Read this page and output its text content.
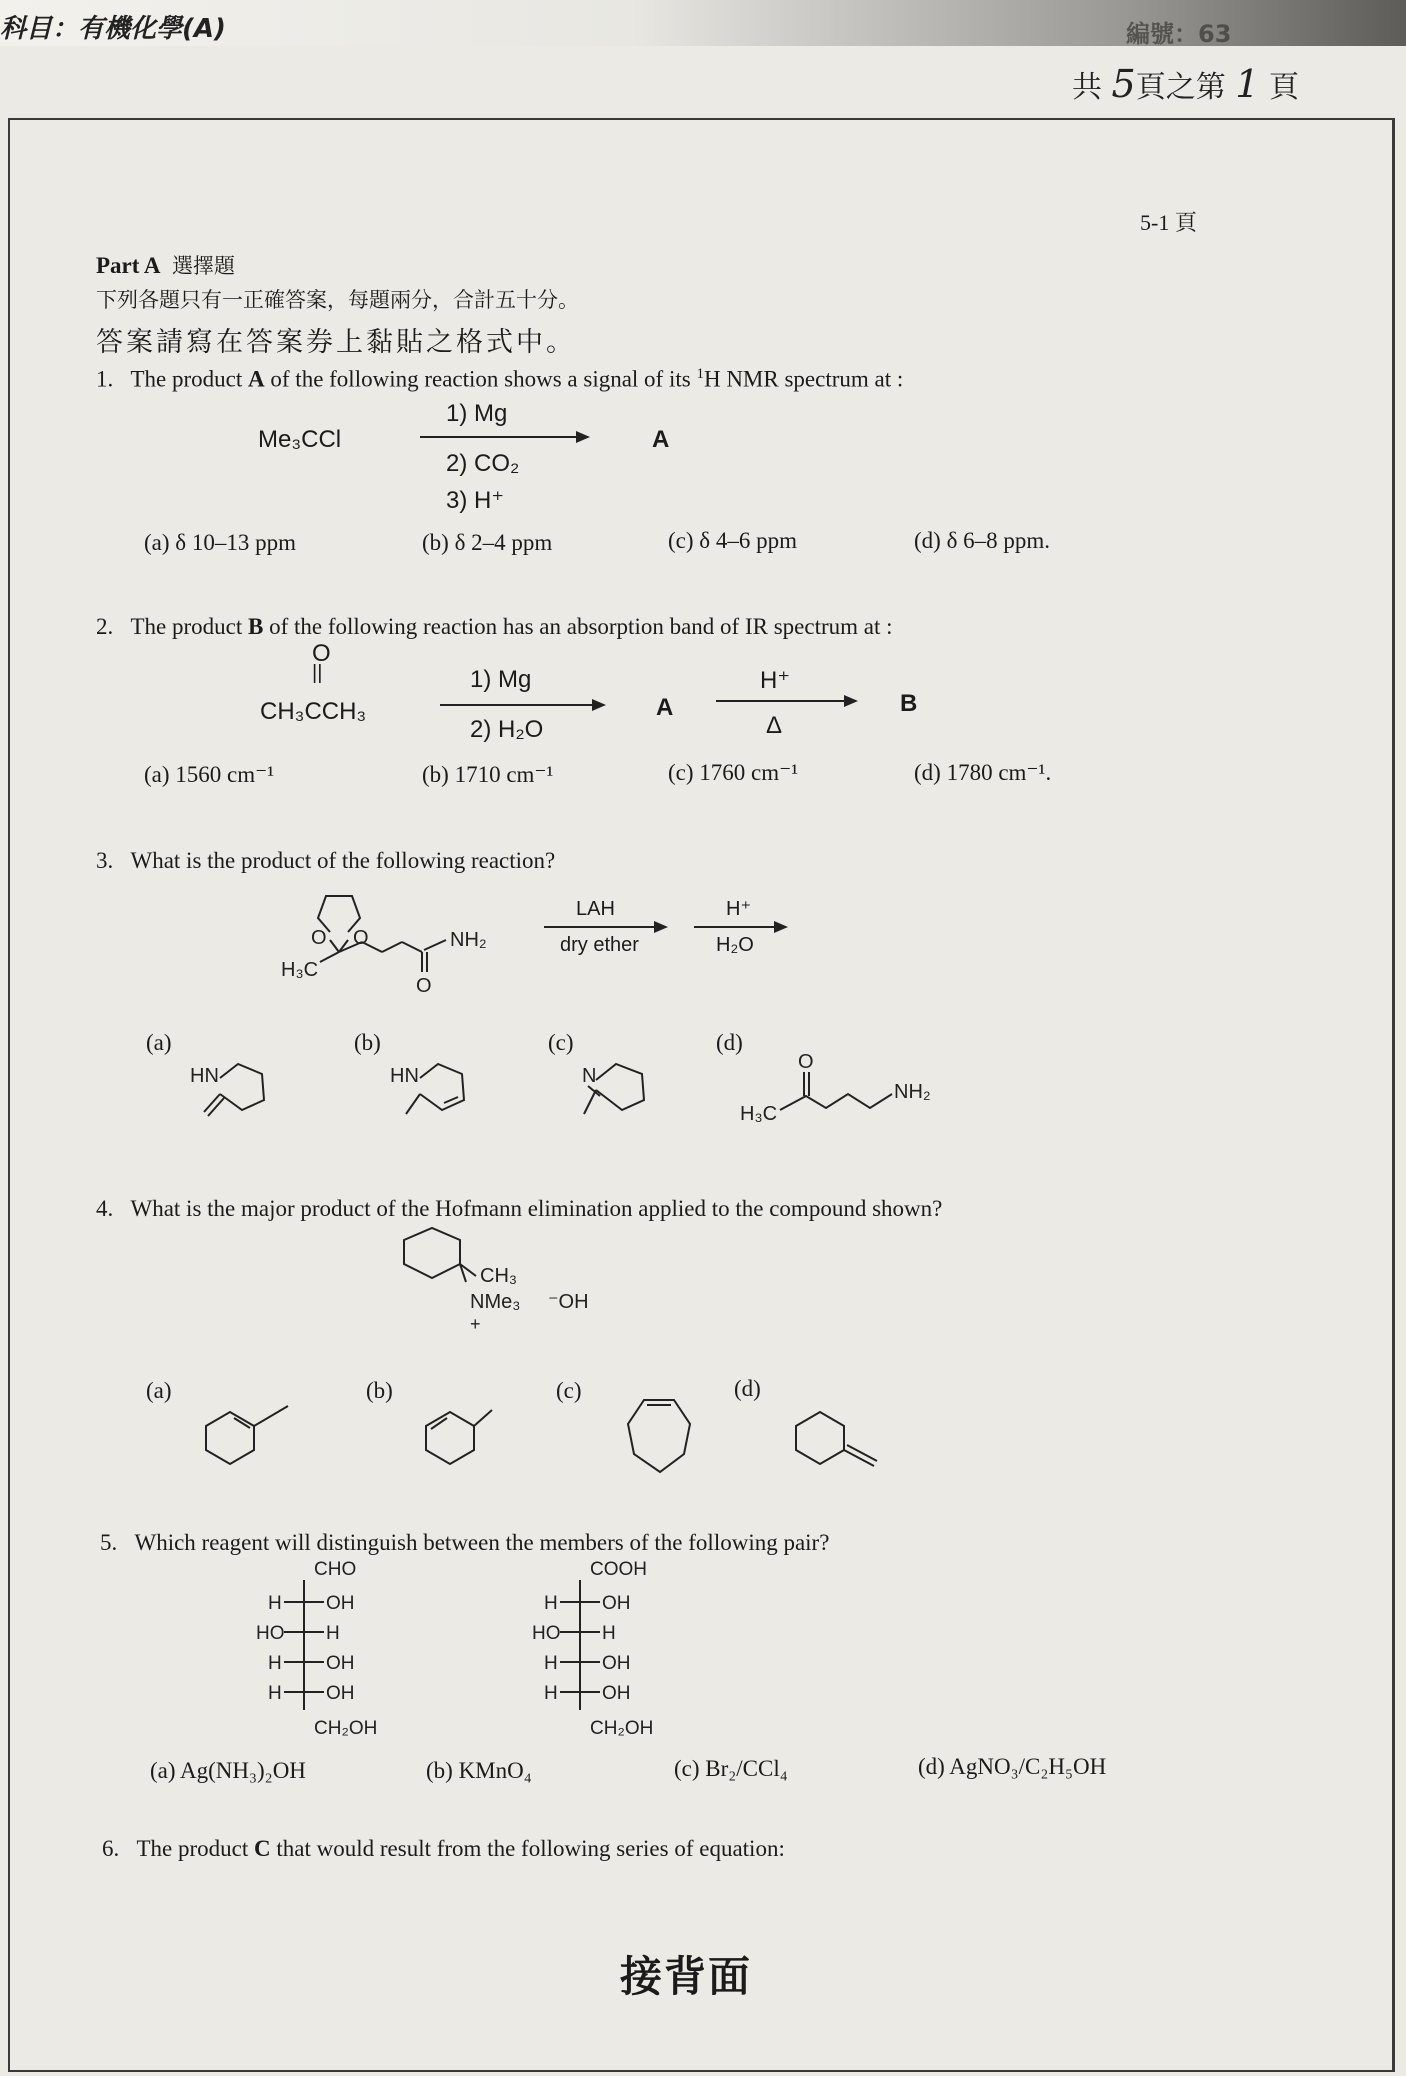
科目：有機化學(A)	編號：63
共 5頁之第 1 頁
5-1 頁
Part A 選擇題
下列各題只有一正確答案，每題兩分，合計五十分。
答案請寫在答案券上黏貼之格式中。
1. The product A of the following reaction shows a signal of its $^1$H NMR spectrum at :
Me₃CCl
1) Mg
2) CO₂
3) H⁺
A
(a) δ 10–13 ppm	(b) δ 2–4 ppm	(c) δ 4–6 ppm	(d) δ 6–8 ppm.
2. The product B of the following reaction has an absorption band of IR spectrum at :
O
||
CH₃CCH₃
1) Mg
2) H₂O
A
H⁺
Δ
B
(a) 1560 cm⁻¹	(b) 1710 cm⁻¹	(c) 1760 cm⁻¹	(d) 1780 cm⁻¹.
3. What is the product of the following reaction?
O O
H₃C
NH₂
O
LAH
dry ether
H⁺
H₂O
(a)	(b)	(c)	(d)
HN	HN	N
H₃C
O
NH₂
4. What is the major product of the Hofmann elimination applied to the compound shown?
CH₃
NMe₃
+
⁻OH
(a)	(b)	(c)	(d)
5. Which reagent will distinguish between the members of the following pair?
CHO
H OH
HO H
H OH
H OH
CH₂OH
COOH
H OH
HO H
H OH
H OH
CH₂OH
(a) Ag(NH₃)₂OH	(b) KMnO₄	(c) Br₂/CCl₄	(d) AgNO₃/C₂H₅OH
6. The product C that would result from the following series of equation:
接背面
